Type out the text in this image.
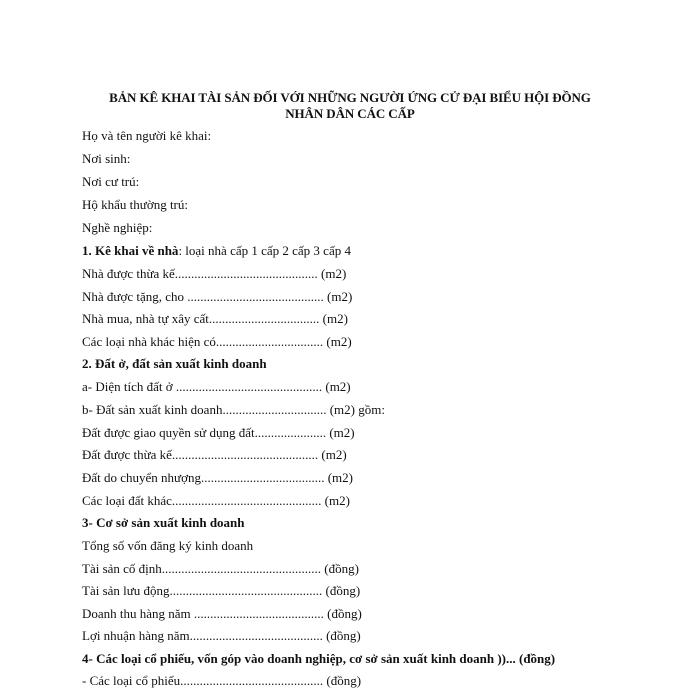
BẢN KÊ KHAI TÀI SẢN ĐỐI VỚI NHỮNG NGƯỜI ỨNG CỬ ĐẠI BIỂU HỘI ĐỒNG
NHÂN DÂN CÁC CẤP
Họ và tên người kê khai:
Nơi sinh:
Nơi cư trú:
Hộ khẩu thường trú:
Nghề nghiệp:
1. Kê khai về nhà: loại nhà cấp 1 cấp 2 cấp 3 cấp 4
Nhà được thừa kế............................................ (m2)
Nhà được tặng, cho .......................................... (m2)
Nhà mua, nhà tự xây cất.................................. (m2)
Các loại nhà khác hiện có................................. (m2)
2. Đất ở, đất sản xuất kinh doanh
a- Diện tích đất ở ............................................. (m2)
b- Đất sản xuất kinh doanh................................ (m2) gồm:
Đất được giao quyền sử dụng đất...................... (m2)
Đất được thừa kế............................................. (m2)
Đất do chuyển nhượng...................................... (m2)
Các loại đất khác.............................................. (m2)
3- Cơ sở sản xuất kinh doanh
Tổng số vốn đăng ký kinh doanh
Tài sản cố định................................................. (đồng)
Tài sản lưu động............................................... (đồng)
Doanh thu hàng năm ........................................ (đồng)
Lợi nhuận hàng năm......................................... (đồng)
4- Các loại cổ phiếu, vốn góp vào doanh nghiệp, cơ sở sản xuất kinh doanh ))... (đồng)
- Các loại cổ phiếu............................................ (đồng)
